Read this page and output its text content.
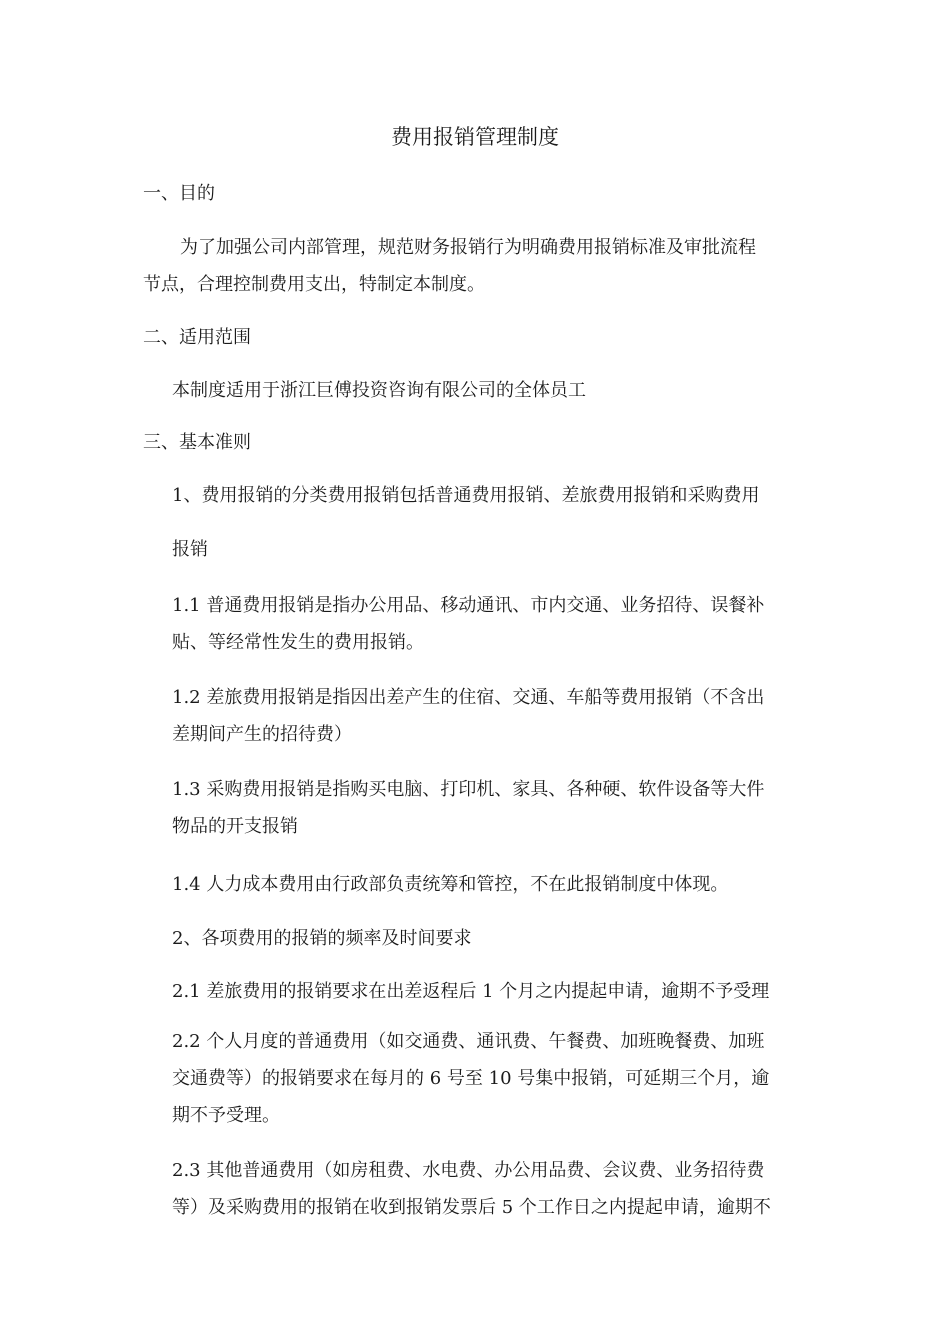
费用报销管理制度
一、目的
为了加强公司内部管理，规范财务报销行为明确费用报销标准及审批流程
节点，合理控制费用支出，特制定本制度。
二、适用范围
本制度适用于浙江巨傅投资咨询有限公司的全体员工
三、基本准则
1、费用报销的分类费用报销包括普通费用报销、差旅费用报销和采购费用
报销
1.1 普通费用报销是指办公用品、移动通讯、市内交通、业务招待、误餐补
贴、等经常性发生的费用报销。
1.2 差旅费用报销是指因出差产生的住宿、交通、车船等费用报销（不含出
差期间产生的招待费）
1.3 采购费用报销是指购买电脑、打印机、家具、各种硬、软件设备等大件
物品的开支报销
1.4 人力成本费用由行政部负责统筹和管控，不在此报销制度中体现。
2、各项费用的报销的频率及时间要求
2.1 差旅费用的报销要求在出差返程后 1 个月之内提起申请，逾期不予受理
2.2 个人月度的普通费用（如交通费、通讯费、午餐费、加班晚餐费、加班
交通费等）的报销要求在每月的 6 号至 10 号集中报销，可延期三个月，逾
期不予受理。
2.3 其他普通费用（如房租费、水电费、办公用品费、会议费、业务招待费
等）及采购费用的报销在收到报销发票后 5 个工作日之内提起申请，逾期不
